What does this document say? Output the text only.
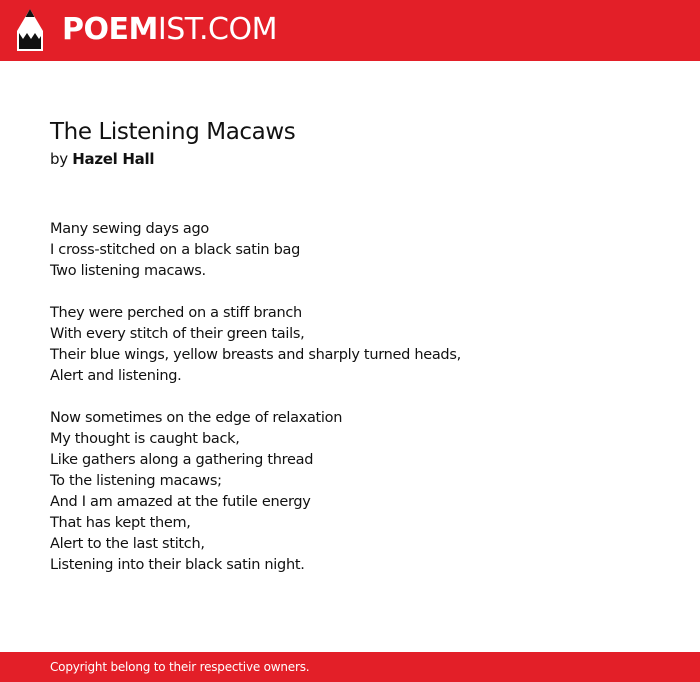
POEMIST.COM
The Listening Macaws
by Hazel Hall
Many sewing days ago
I cross-stitched on a black satin bag
Two listening macaws.
They were perched on a stiff branch
With every stitch of their green tails,
Their blue wings, yellow breasts and sharply turned heads,
Alert and listening.
Now sometimes on the edge of relaxation
My thought is caught back,
Like gathers along a gathering thread
To the listening macaws;
And I am amazed at the futile energy
That has kept them,
Alert to the last stitch,
Listening into their black satin night.
Copyright belong to their respective owners.
